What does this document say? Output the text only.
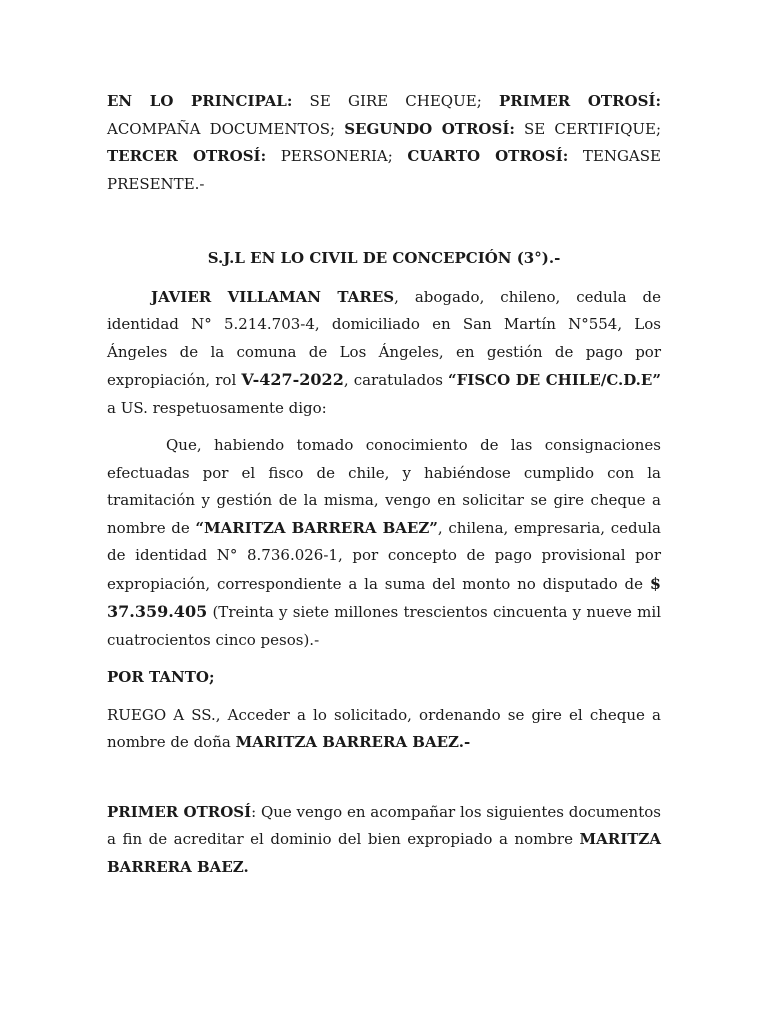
EN LO PRINCIPAL: SE GIRE CHEQUE; PRIMER OTROSÍ: ACOMPAÑA DOCUMENTOS; SEGUNDO OTROSÍ: SE CERTIFIQUE; TERCER OTROSÍ: PERSONERIA; CUARTO OTROSÍ: TENGASE PRESENTE.-

S.J.L EN LO CIVIL DE CONCEPCIÓN (3°).-

JAVIER VILLAMAN TARES, abogado, chileno, cedula de identidad N° 5.214.703-4, domiciliado en San Martín N°554, Los Ángeles de la comuna de Los Ángeles, en gestión de pago por expropiación, rol V-427-2022, caratulados “FISCO DE CHILE/C.D.E” a US. respetuosamente digo:

Que, habiendo tomado conocimiento de las consignaciones efectuadas por el fisco de chile, y habiéndose cumplido con la tramitación y gestión de la misma, vengo en solicitar se gire cheque a nombre de “MARITZA BARRERA BAEZ”, chilena, empresaria, cedula de identidad N° 8.736.026-1, por concepto de pago provisional por expropiación, correspondiente a la suma del monto no disputado de $ 37.359.405 (Treinta y siete millones trescientos cincuenta y nueve mil cuatrocientos cinco pesos).-

POR TANTO;

RUEGO A SS., Acceder a lo solicitado, ordenando se gire el cheque a nombre de doña MARITZA BARRERA BAEZ.-

PRIMER OTROSÍ: Que vengo en acompañar los siguientes documentos a fin de acreditar el dominio del bien expropiado a nombre MARITZA BARRERA BAEZ.
